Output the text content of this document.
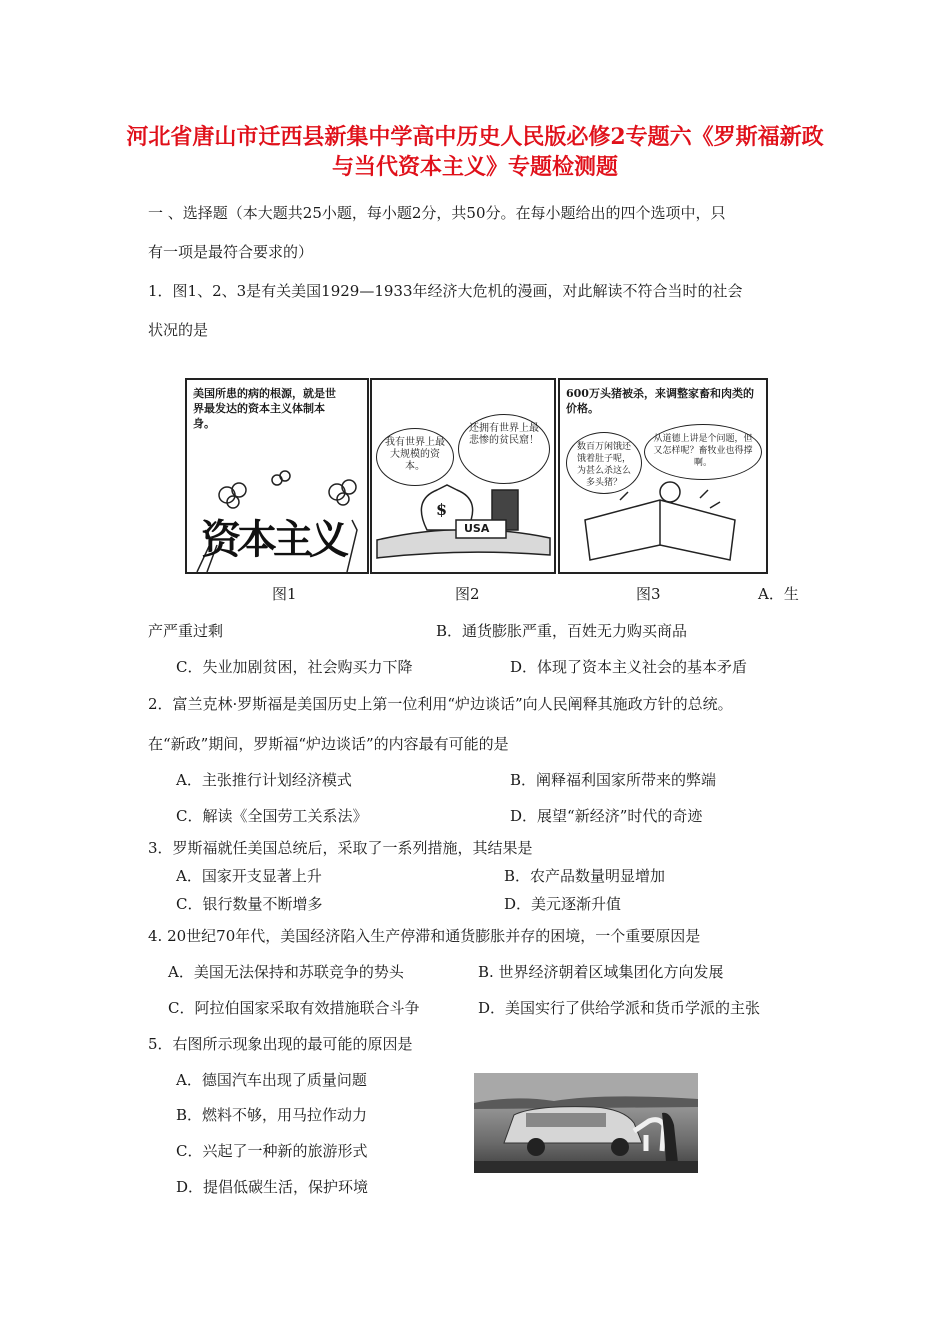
河北省唐山市迁西县新集中学高中历史人民版必修2专题六《罗斯福新政与当代资本主义》专题检测题
一 、选择题（本大题共25小题，每小题2分，共50分。在每小题给出的四个选项中，只
有一项是最符合要求的）
1．图1、2、3是有关美国1929—1933年经济大危机的漫画，对此解读不符合当时的社会
状况的是
美国所患的病的根源，就是世界最发达的资本主义体制本身。
资本主义
我有世界上最大规模的资本。
还拥有世界上最悲惨的贫民窟！
$
USA
600万头猪被杀，来调整家畜和肉类的价格。
数百万闲饿还饿着肚子呢，为甚么杀这么多头猪？
从道德上讲是个问题，但又怎样呢？畜牧业也得撑啊。
图1	图2	图3	A．生
产严重过剩	B．通货膨胀严重，百姓无力购买商品
C．失业加剧贫困，社会购买力下降	D．体现了资本主义社会的基本矛盾
2．富兰克林·罗斯福是美国历史上第一位利用“炉边谈话”向人民阐释其施政方针的总统。
在“新政”期间，罗斯福“炉边谈话”的内容最有可能的是
A．主张推行计划经济模式	B．阐释福利国家所带来的弊端
C．解读《全国劳工关系法》	D．展望“新经济”时代的奇迹
3．罗斯福就任美国总统后，采取了一系列措施，其结果是
A．国家开支显著上升	B．农产品数量明显增加
C．银行数量不断增多	D．美元逐渐升值
4. 20世纪70年代，美国经济陷入生产停滞和通货膨胀并存的困境，一个重要原因是
A．美国无法保持和苏联竞争的势头	B. 世界经济朝着区域集团化方向发展
C．阿拉伯国家采取有效措施联合斗争	D．美国实行了供给学派和货币学派的主张
5．右图所示现象出现的最可能的原因是
A．德国汽车出现了质量问题
B．燃料不够，用马拉作动力
C．兴起了一种新的旅游形式
D．提倡低碳生活，保护环境
